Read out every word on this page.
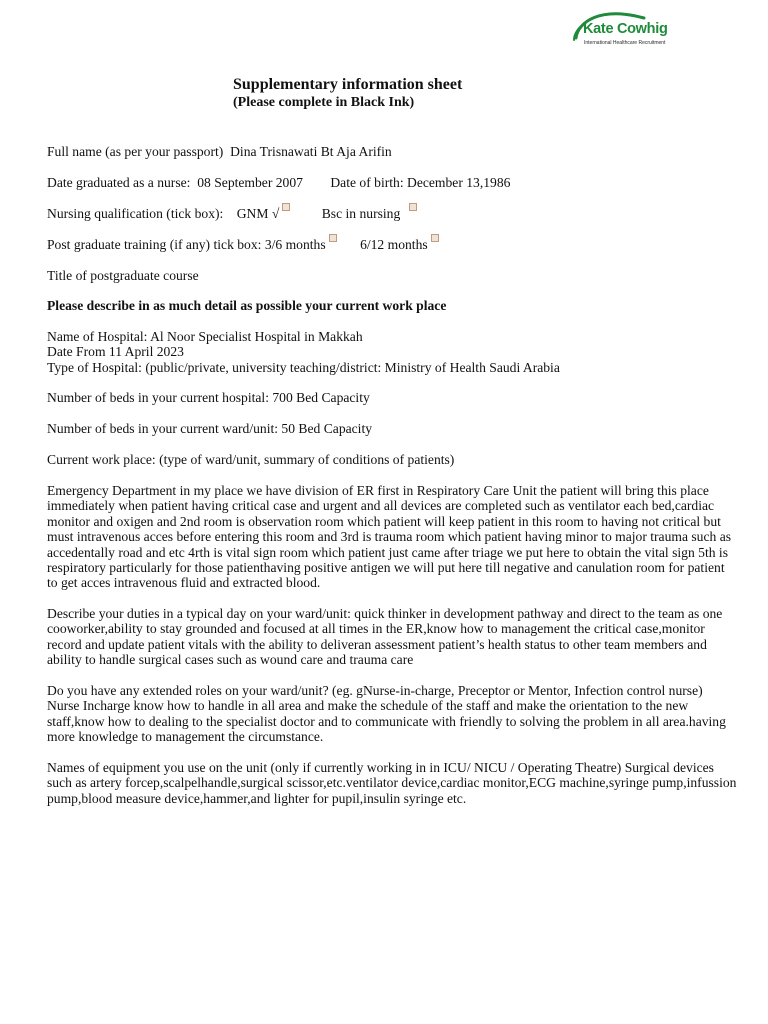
Kate Cowhig
International Healthcare Recruitment
Supplementary information sheet
(Please complete in Black Ink)
Full name (as per your passport) Dina Trisnawati Bt Aja Arifin
Date graduated as a nurse: 08 September 2007 Date of birth: December 13,1986
Nursing qualification (tick box): GNM √	Bsc in nursing
Post graduate training (if any) tick box: 3/6 months	6/12 months
Title of postgraduate course
Please describe in as much detail as possible your current work place
Name of Hospital: Al Noor Specialist Hospital in Makkah
Date From 11 April 2023
Type of Hospital: (public/private, university teaching/district: Ministry of Health Saudi Arabia
Number of beds in your current hospital: 700 Bed Capacity
Number of beds in your current ward/unit: 50 Bed Capacity
Current work place: (type of ward/unit, summary of conditions of patients)
Emergency Department in my place we have division of ER first in Respiratory Care Unit the patient will bring this place immediately when patient having critical case and urgent and all devices are completed such as ventilator each bed,cardiac monitor and oxigen and 2nd room is observation room which patient will keep patient in this room to having not critical but must intravenous acces before entering this room and 3rd is trauma room which patient having minor to major trauma such as accedentally road and etc 4rth is vital sign room which patient just came after triage we put here to obtain the vital sign 5th is respiratory particularly for those patienthaving positive antigen we will put here till negative and canulation room for patient to get acces intravenous fluid and extracted blood.
Describe your duties in a typical day on your ward/unit: quick thinker in development pathway and direct to the team as one cooworker,ability to stay grounded and focused at all times in the ER,know how to management the critical case,monitor record and update patient vitals with the ability to deliveran assessment patient’s health status to other team members and ability to handle surgical cases such as wound care and trauma care
Do you have any extended roles on your ward/unit? (eg. gNurse-in-charge, Preceptor or Mentor, Infection control nurse) Nurse Incharge know how to handle in all area and make the schedule of the staff and make the orientation to the new staff,know how to dealing to the specialist doctor and to communicate with friendly to solving the problem in all area.having more knowledge to management the circumstance.
Names of equipment you use on the unit (only if currently working in in ICU/ NICU / Operating Theatre) Surgical devices such as artery forcep,scalpelhandle,surgical scissor,etc.ventilator device,cardiac monitor,ECG machine,syringe pump,infussion pump,blood measure device,hammer,and lighter for pupil,insulin syringe etc.
